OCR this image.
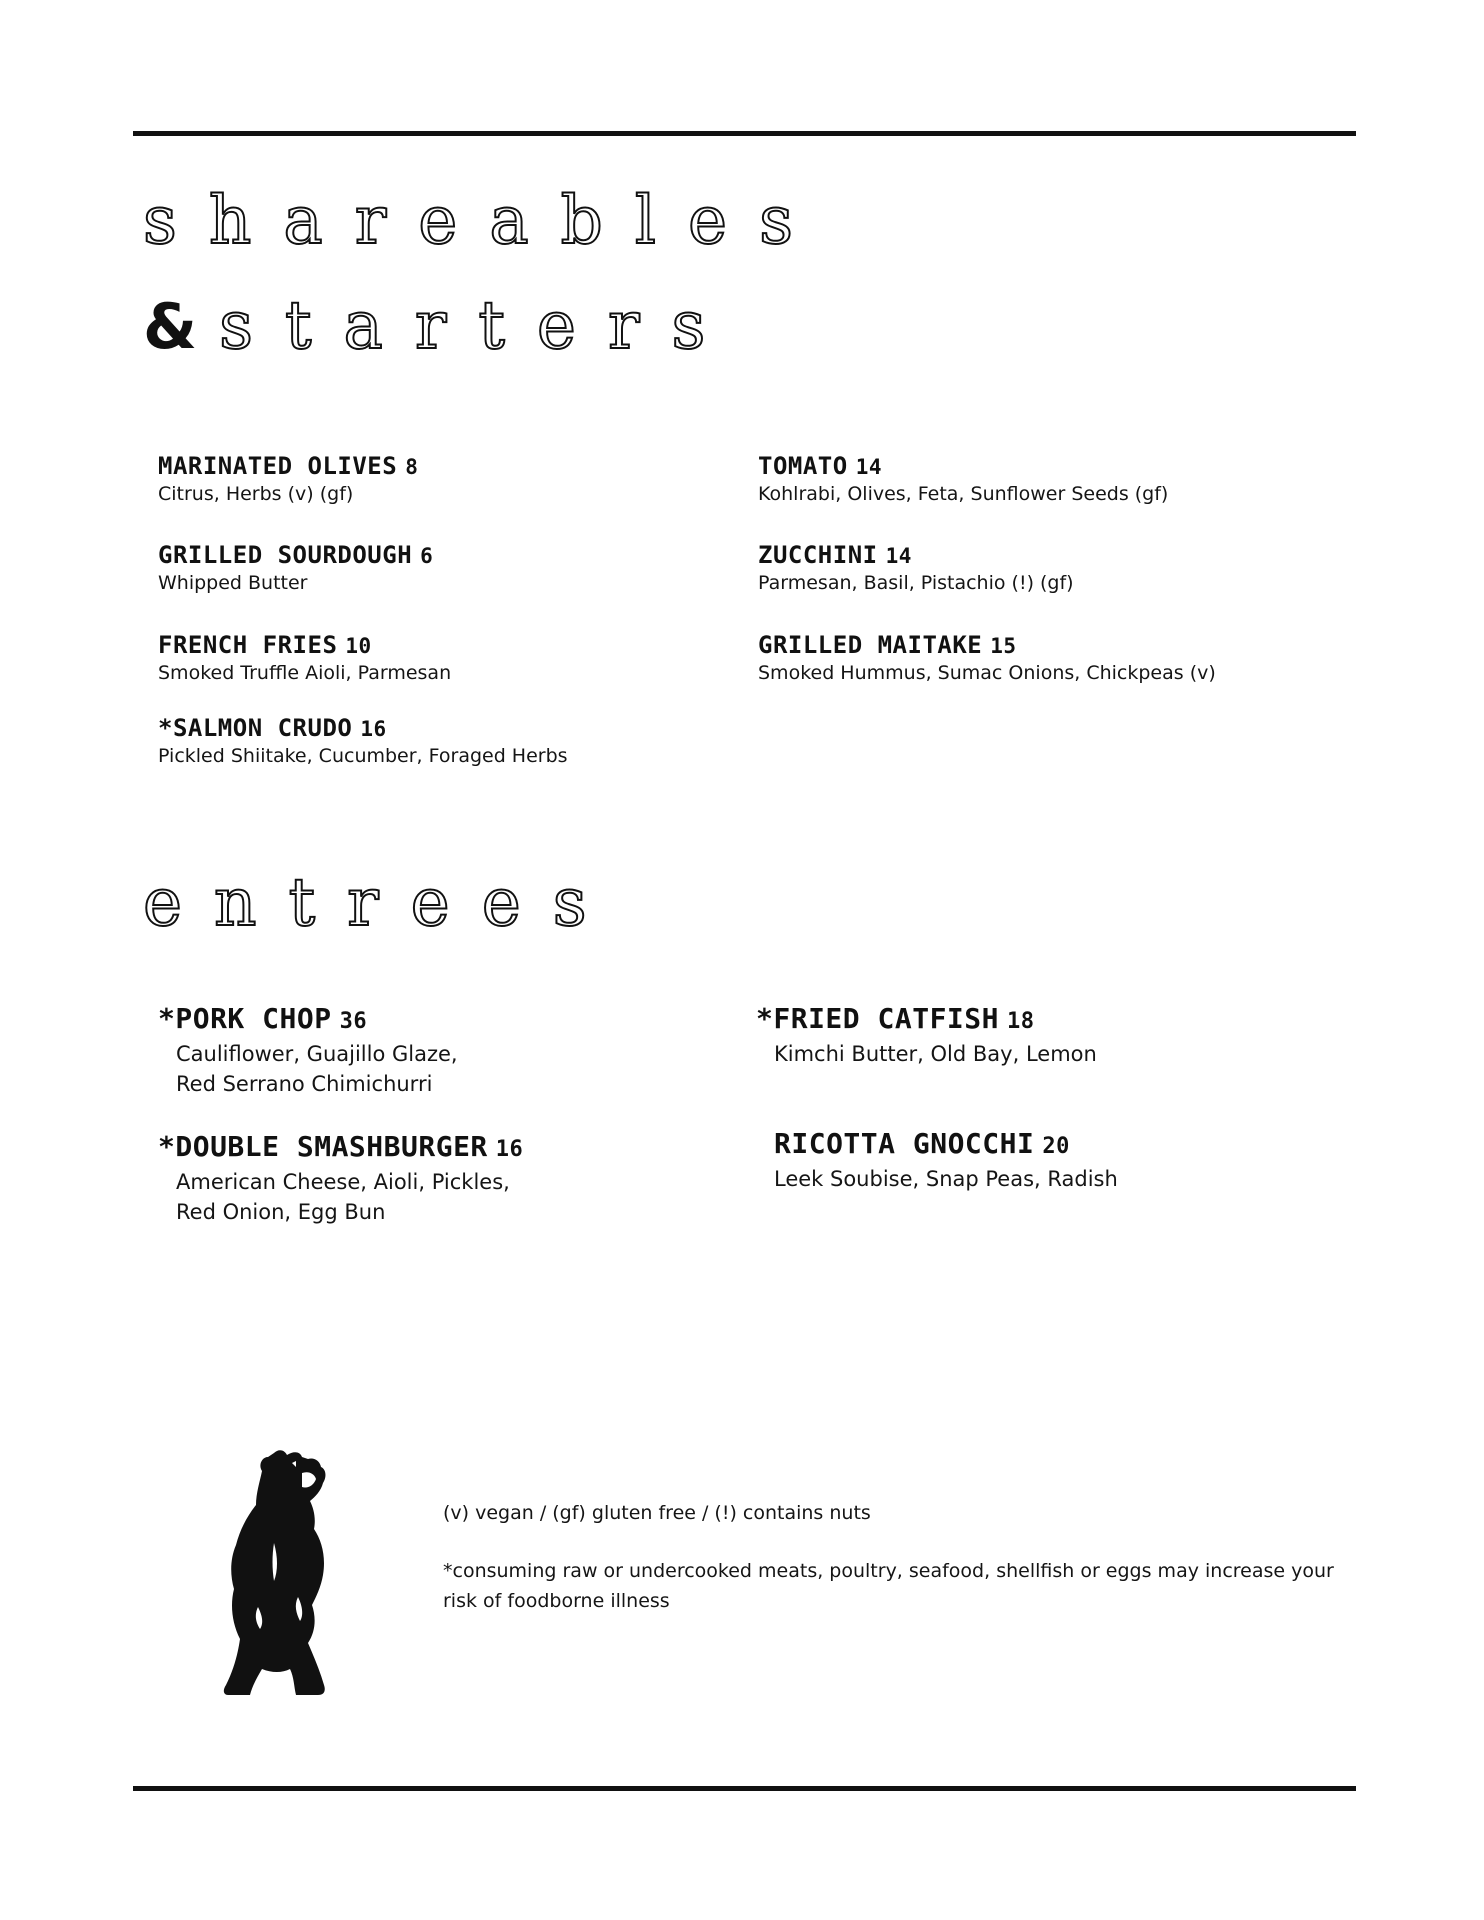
shareables
&starters
MARINATED OLIVES 8
Citrus, Herbs (v) (gf)
GRILLED SOURDOUGH 6
Whipped Butter
FRENCH FRIES 10
Smoked Truffle Aioli, Parmesan
*SALMON CRUDO 16
Pickled Shiitake, Cucumber, Foraged Herbs
TOMATO 14
Kohlrabi, Olives, Feta, Sunflower Seeds (gf)
ZUCCHINI 14
Parmesan, Basil, Pistachio (!) (gf)
GRILLED MAITAKE 15
Smoked Hummus, Sumac Onions, Chickpeas (v)
entrees
*PORK CHOP 36
Cauliflower, Guajillo Glaze,
Red Serrano Chimichurri
*DOUBLE SMASHBURGER 16
American Cheese, Aioli, Pickles,
Red Onion, Egg Bun
*FRIED CATFISH 18
Kimchi Butter, Old Bay, Lemon
RICOTTA GNOCCHI 20
Leek Soubise, Snap Peas, Radish

(v) vegan / (gf) gluten free / (!) contains nuts

*consuming raw or undercooked meats, poultry, seafood, shellfish or eggs may increase your risk of foodborne illness
